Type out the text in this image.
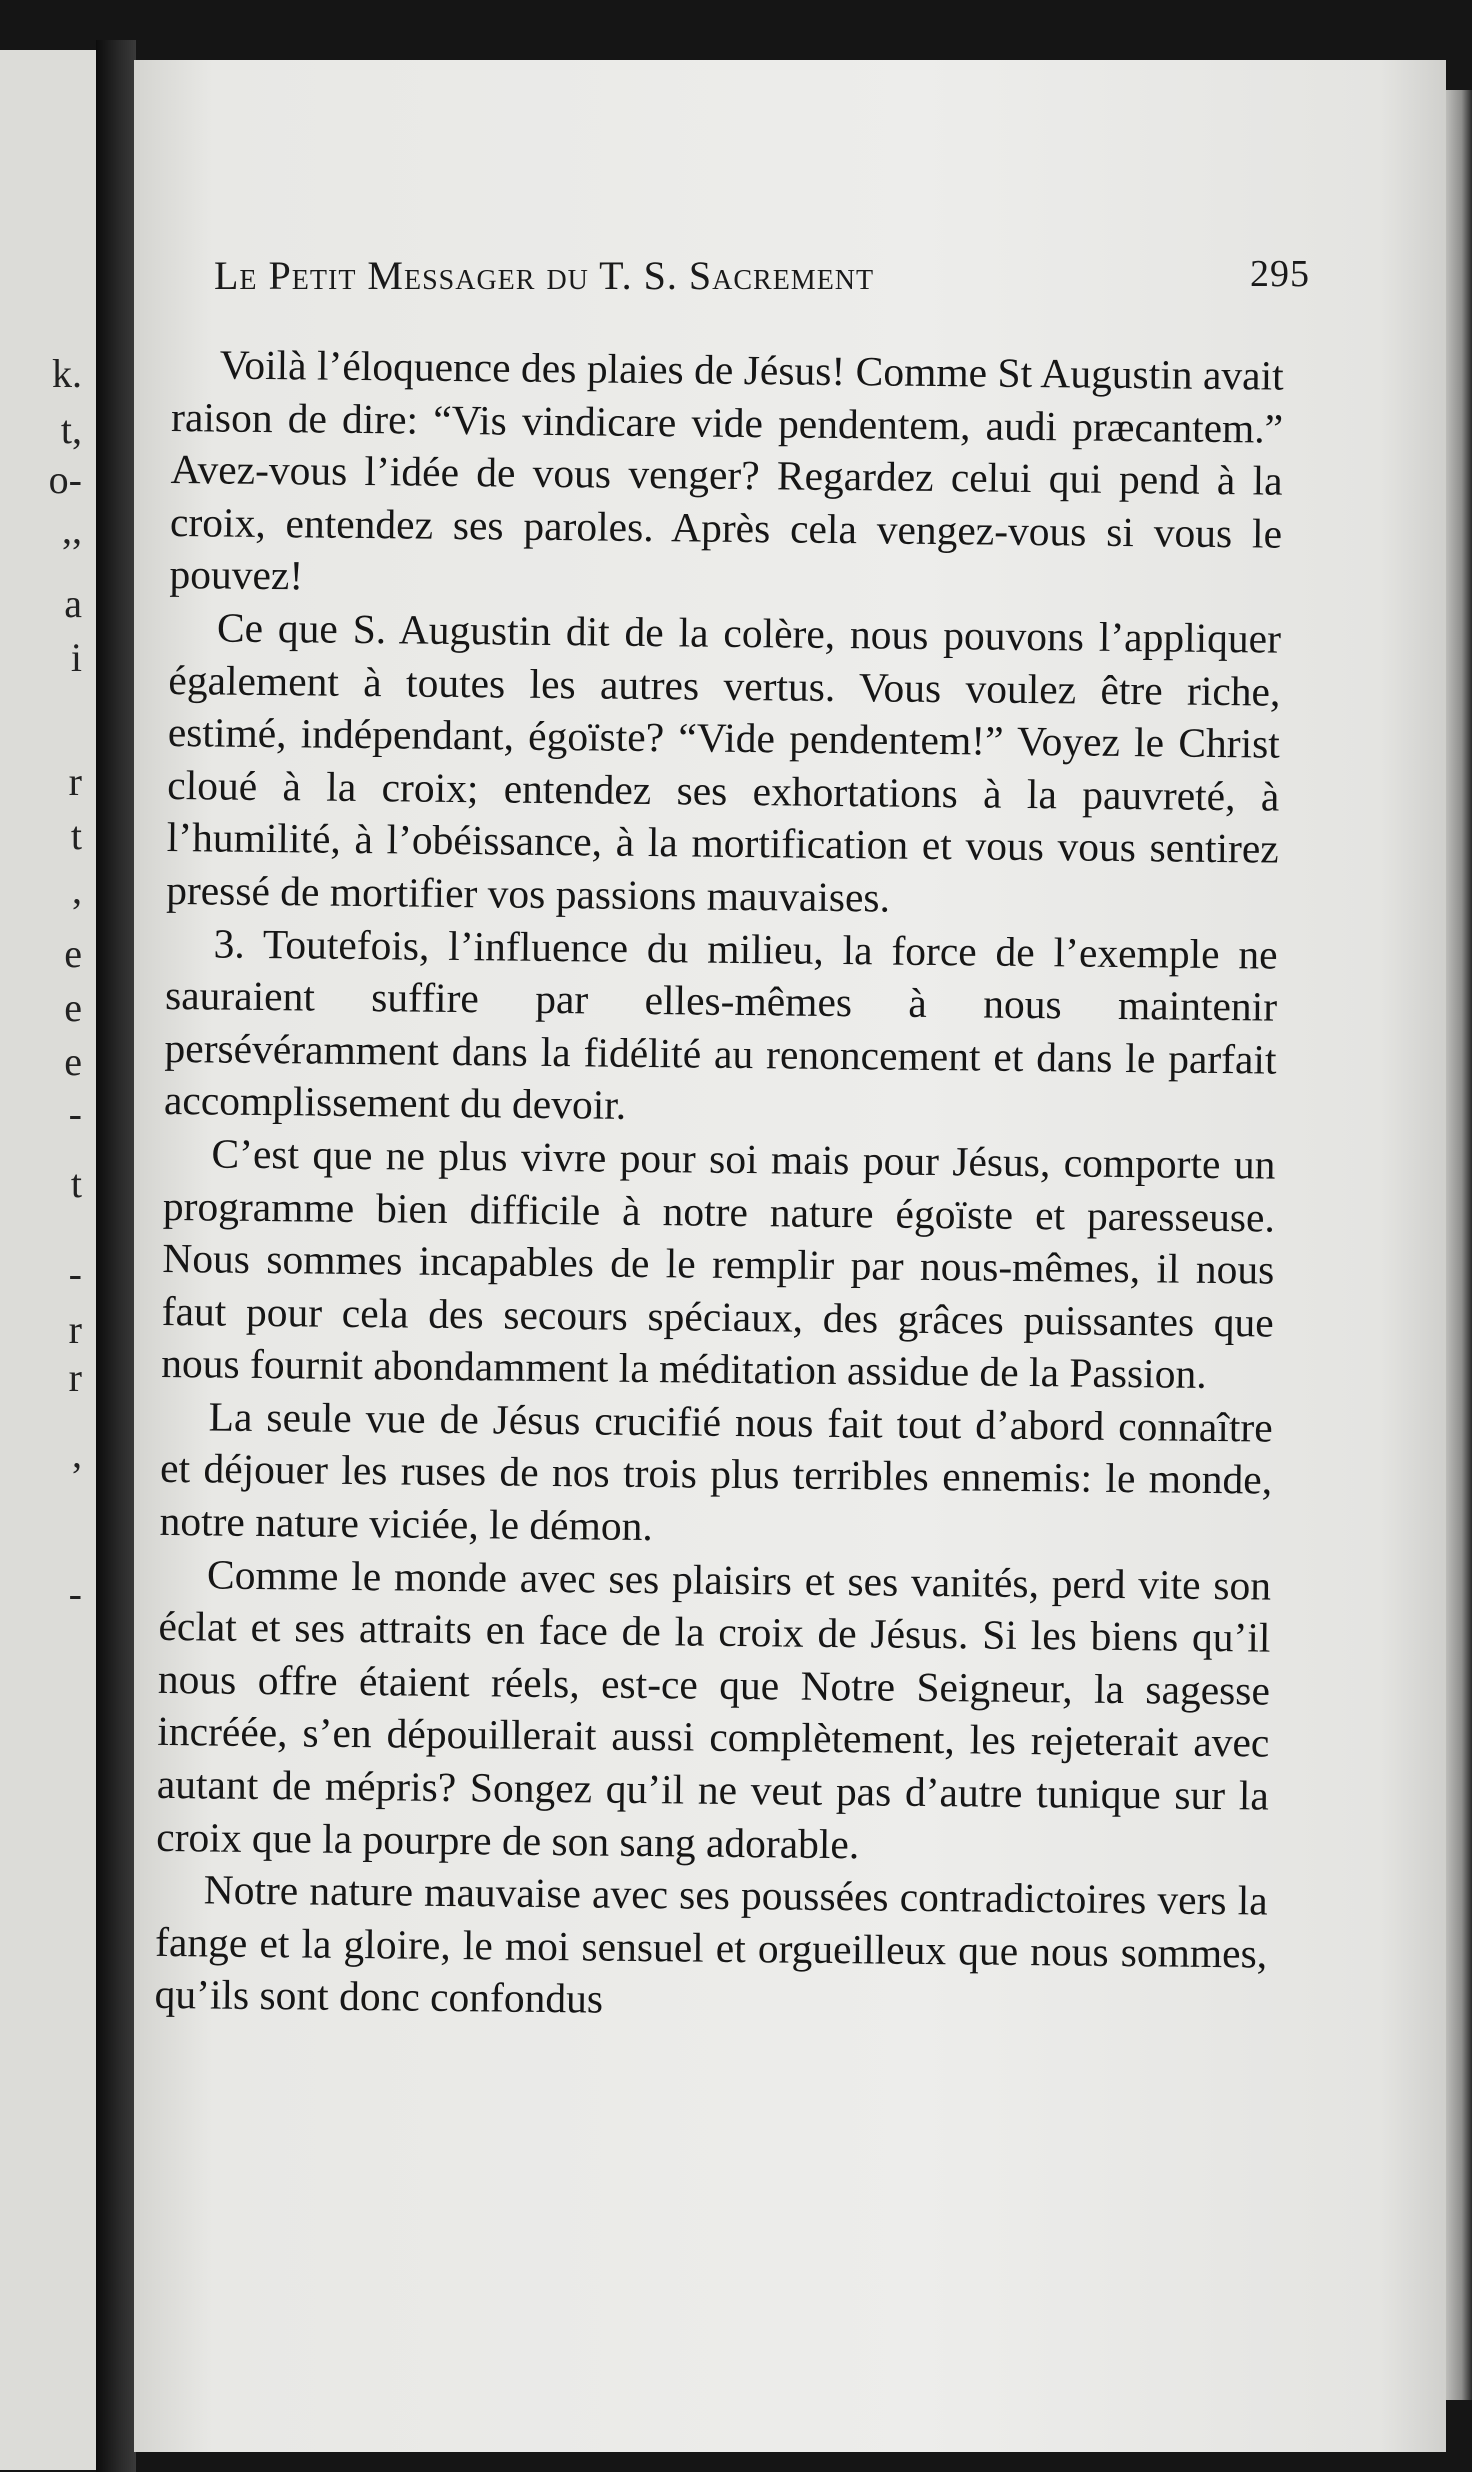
k.
t,
o-
,,
a
i
r
t
,
e
e
e
-
t
-
r
r
,
-
Le Petit Messager du T. S. Sacrement	295

Voilà l’éloquence des plaies de Jésus! Comme St Augustin avait raison de dire: “Vis vindicare vide pendentem, audi præcantem.” Avez-vous l’idée de vous venger? Regardez celui qui pend à la croix, entendez ses paroles. Après cela vengez-vous si vous le pouvez!

Ce que S. Augustin dit de la colère, nous pouvons l’appliquer également à toutes les autres vertus. Vous voulez être riche, estimé, indépendant, égoïste? “Vide pendentem!” Voyez le Christ cloué à la croix; entendez ses exhortations à la pauvreté, à l’humilité, à l’obéissance, à la mortification et vous vous sentirez pressé de mortifier vos passions mauvaises.

3. Toutefois, l’influence du milieu, la force de l’exemple ne sauraient suffire par elles-mêmes à nous maintenir persévéramment dans la fidélité au renoncement et dans le parfait accomplissement du devoir.

C’est que ne plus vivre pour soi mais pour Jésus, comporte un programme bien difficile à notre nature égoïste et paresseuse. Nous sommes incapables de le remplir par nous-mêmes, il nous faut pour cela des secours spéciaux, des grâces puissantes que nous fournit abondamment la méditation assidue de la Passion.

La seule vue de Jésus crucifié nous fait tout d’abord connaître et déjouer les ruses de nos trois plus terribles ennemis: le monde, notre nature viciée, le démon.

Comme le monde avec ses plaisirs et ses vanités, perd vite son éclat et ses attraits en face de la croix de Jésus. Si les biens qu’il nous offre étaient réels, est-ce que Notre Seigneur, la sagesse incréée, s’en dépouillerait aussi complètement, les rejeterait avec autant de mépris? Songez qu’il ne veut pas d’autre tunique sur la croix que la pourpre de son sang adorable.

Notre nature mauvaise avec ses poussées contradictoires vers la fange et la gloire, le moi sensuel et orgueilleux que nous sommes, qu’ils sont donc confondus
